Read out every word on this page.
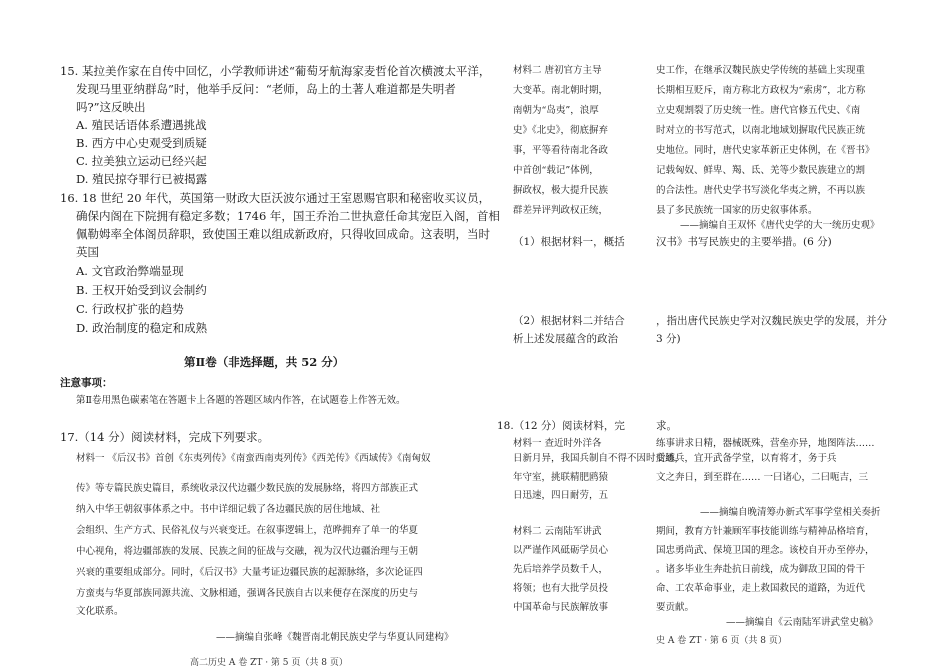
15. 某拉美作家在自传中回忆，小学教师讲述“葡萄牙航海家麦哲伦首次横渡太平洋，
发现马里亚纳群岛”时，他举手反问：“老师，岛上的土著人难道都是失明者
吗?”这反映出
A. 殖民话语体系遭遇挑战
B. 西方中心史观受到质疑
C. 拉美独立运动已经兴起
D. 殖民掠夺罪行已被揭露
16. 18 世纪 20 年代，英国第一财政大臣沃波尔通过王室恩赐官职和秘密收买议员，
确保内阁在下院拥有稳定多数；1746 年，国王乔治二世执意任命其宠臣入阁，首相
佩勒姆率全体阁员辞职，致使国王难以组成新政府，只得收回成命。这表明，当时
英国
A. 文官政治弊端显现
B. 王权开始受到议会制约
C. 行政权扩张的趋势
D. 政治制度的稳定和成熟
第Ⅱ卷（非选择题，共 52 分）
注意事项：
第Ⅱ卷用黑色碳素笔在答题卡上各题的答题区域内作答，在试题卷上作答无效。
17.（14 分）阅读材料，完成下列要求。
材料一 《后汉书》首创《东夷列传》《南蛮西南夷列传》《西羌传》《西域传》《南匈奴
传》等专篇民族史篇目，系统收录汉代边疆少数民族的发展脉络，将四方部族正式
纳入中华王朝叙事体系之中。书中详细记载了各边疆民族的居住地域、社
会组织、生产方式、民俗礼仪与兴衰变迁。在叙事逻辑上，范晔拥弃了单一的华夏
中心视角，将边疆部族的发展、民族之间的征战与交融，视为汉代边疆治理与王朝
兴衰的重要组成部分。同时，《后汉书》大量考证边疆民族的起源脉络，多次论证四
方蛮夷与华夏部族同源共流、文脉相通，强调各民族自古以来便存在深度的历史与
文化联系。
——摘编自张峰《魏晋南北朝民族史学与华夏认同建构》
高二历史 A 卷 ZT · 第 5 页（共 8 页）
材料二 唐初官方主导
大变革。南北朝时期，
南朝为“岛夷”，浪厚
史》《北史》，彻底摒弃
事，平等看待南北各政
中首创“载记”体例，
摒政权，极大提升民族
群差异评判政权正统，
史工作，在继承汉魏民族史学传统的基础上实现重
长期相互贬斥，南方称北方政权为“索虏”，北方称
立史观割裂了历史统一性。唐代官修五代史、《南
时对立的书写范式，以南北地域划摒取代民族正统
史地位。同时，唐代史家革新正史体例，在《晋书》
记载匈奴、鲜卑、羯、氐、羌等少数民族建立的割
的合法性。唐代史学书写淡化华夷之辨，不再以族
县了多民族统一国家的历史叙事体系。
——摘编自王双怀《唐代史学的大一统历史观》
（1）根据材料一，概括	汉书》书写民族史的主要举措。(6 分)
（2）根据材料二并结合
析上述发展蕴含的政治
，指出唐代民族史学对汉魏民族史学的发展，并分
3 分)
18.（12 分）阅读材料，完	求。
材料一 查近时外洋各	练事讲求日精，器械既殊，营垒亦异，地图阵法……
日新月异，我国兵制自不得不因时变通，
后练兵，宜开武备学堂，以育将才，务于兵
年守室，挑联精肥鸥猿
日迅速，四日耐劳，五
文之奔日，到至群在…… 一曰诸心，二曰呃吉，三
——摘编自晚清筹办新式军事学堂相关奏折
材料二 云南陆军讲武
以严谨作风砥砺学员心
先后培养学员数千人，
将领；也有大批学员投
中国革命与民族解放事
期间，教育方针兼顾军事技能训练与精神品格培育，
国忠勇尚武、保境卫国的理念。该校自开办至停办，
。诸多毕业生奔赴抗日前线，成为御敌卫国的骨干
命、工农革命事业，走上救国救民的道路，为近代
要贡献。
——摘编自《云南陆军讲武堂史稿》
史 A 卷 ZT · 第 6 页（共 8 页）
